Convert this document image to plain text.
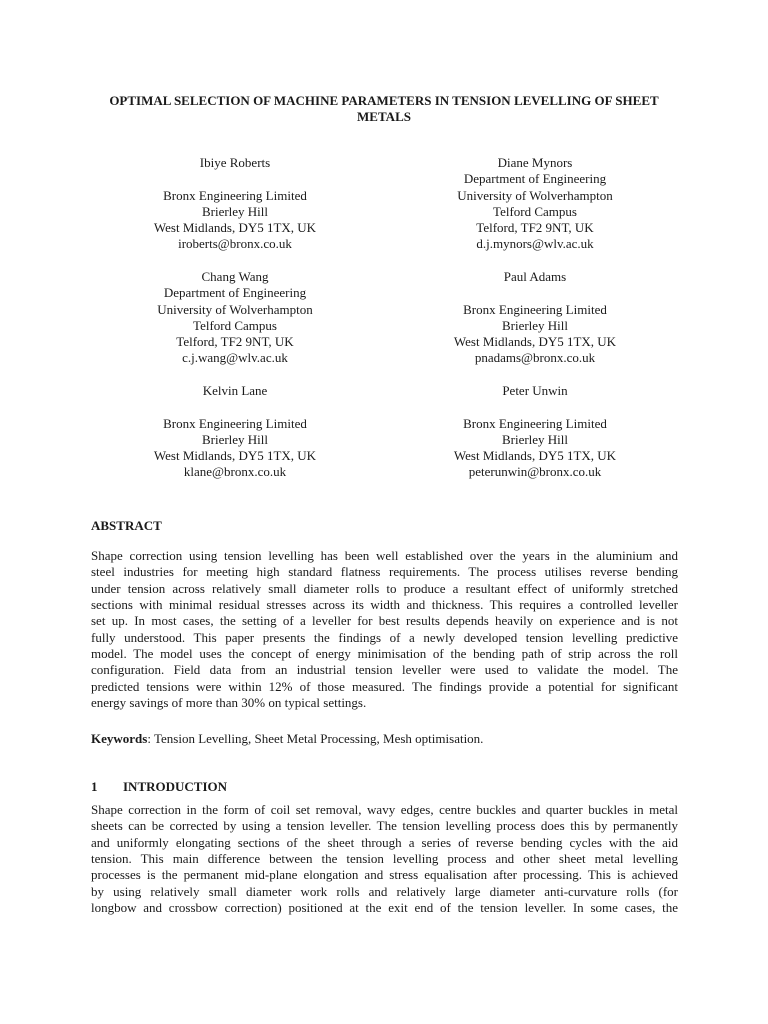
OPTIMAL SELECTION OF MACHINE PARAMETERS IN TENSION LEVELLING OF SHEET
METALS
Ibiye Roberts
Bronx Engineering Limited
Brierley Hill
West Midlands, DY5 1TX, UK
iroberts@bronx.co.uk
Diane Mynors
Department of Engineering
University of Wolverhampton
Telford Campus
Telford, TF2 9NT, UK
d.j.mynors@wlv.ac.uk
Chang Wang
Department of Engineering
University of Wolverhampton
Telford Campus
Telford, TF2 9NT, UK
c.j.wang@wlv.ac.uk
Paul Adams
Bronx Engineering Limited
Brierley Hill
West Midlands, DY5 1TX, UK
pnadams@bronx.co.uk
Kelvin Lane
Bronx Engineering Limited
Brierley Hill
West Midlands, DY5 1TX, UK
klane@bronx.co.uk
Peter Unwin
Bronx Engineering Limited
Brierley Hill
West Midlands, DY5 1TX, UK
peterunwin@bronx.co.uk
ABSTRACT
Shape correction using tension levelling has been well established over the years in the aluminium and
steel industries for meeting high standard flatness requirements. The process utilises reverse bending
under tension across relatively small diameter rolls to produce a resultant effect of uniformly stretched
sections with minimal residual stresses across its width and thickness. This requires a controlled leveller
set up. In most cases, the setting of a leveller for best results depends heavily on experience and is not
fully understood. This paper presents the findings of a newly developed tension levelling predictive
model. The model uses the concept of energy minimisation of the bending path of strip across the roll
configuration. Field data from an industrial tension leveller were used to validate the model. The
predicted tensions were within 12% of those measured. The findings provide a potential for significant
energy savings of more than 30% on typical settings.
Keywords: Tension Levelling, Sheet Metal Processing, Mesh optimisation.
1 INTRODUCTION
Shape correction in the form of coil set removal, wavy edges, centre buckles and quarter buckles in metal
sheets can be corrected by using a tension leveller. The tension levelling process does this by permanently
and uniformly elongating sections of the sheet through a series of reverse bending cycles with the aid
tension. This main difference between the tension levelling process and other sheet metal levelling
processes is the permanent mid-plane elongation and stress equalisation after processing. This is achieved
by using relatively small diameter work rolls and relatively large diameter anti-curvature rolls (for
longbow and crossbow correction) positioned at the exit end of the tension leveller. In some cases, the
